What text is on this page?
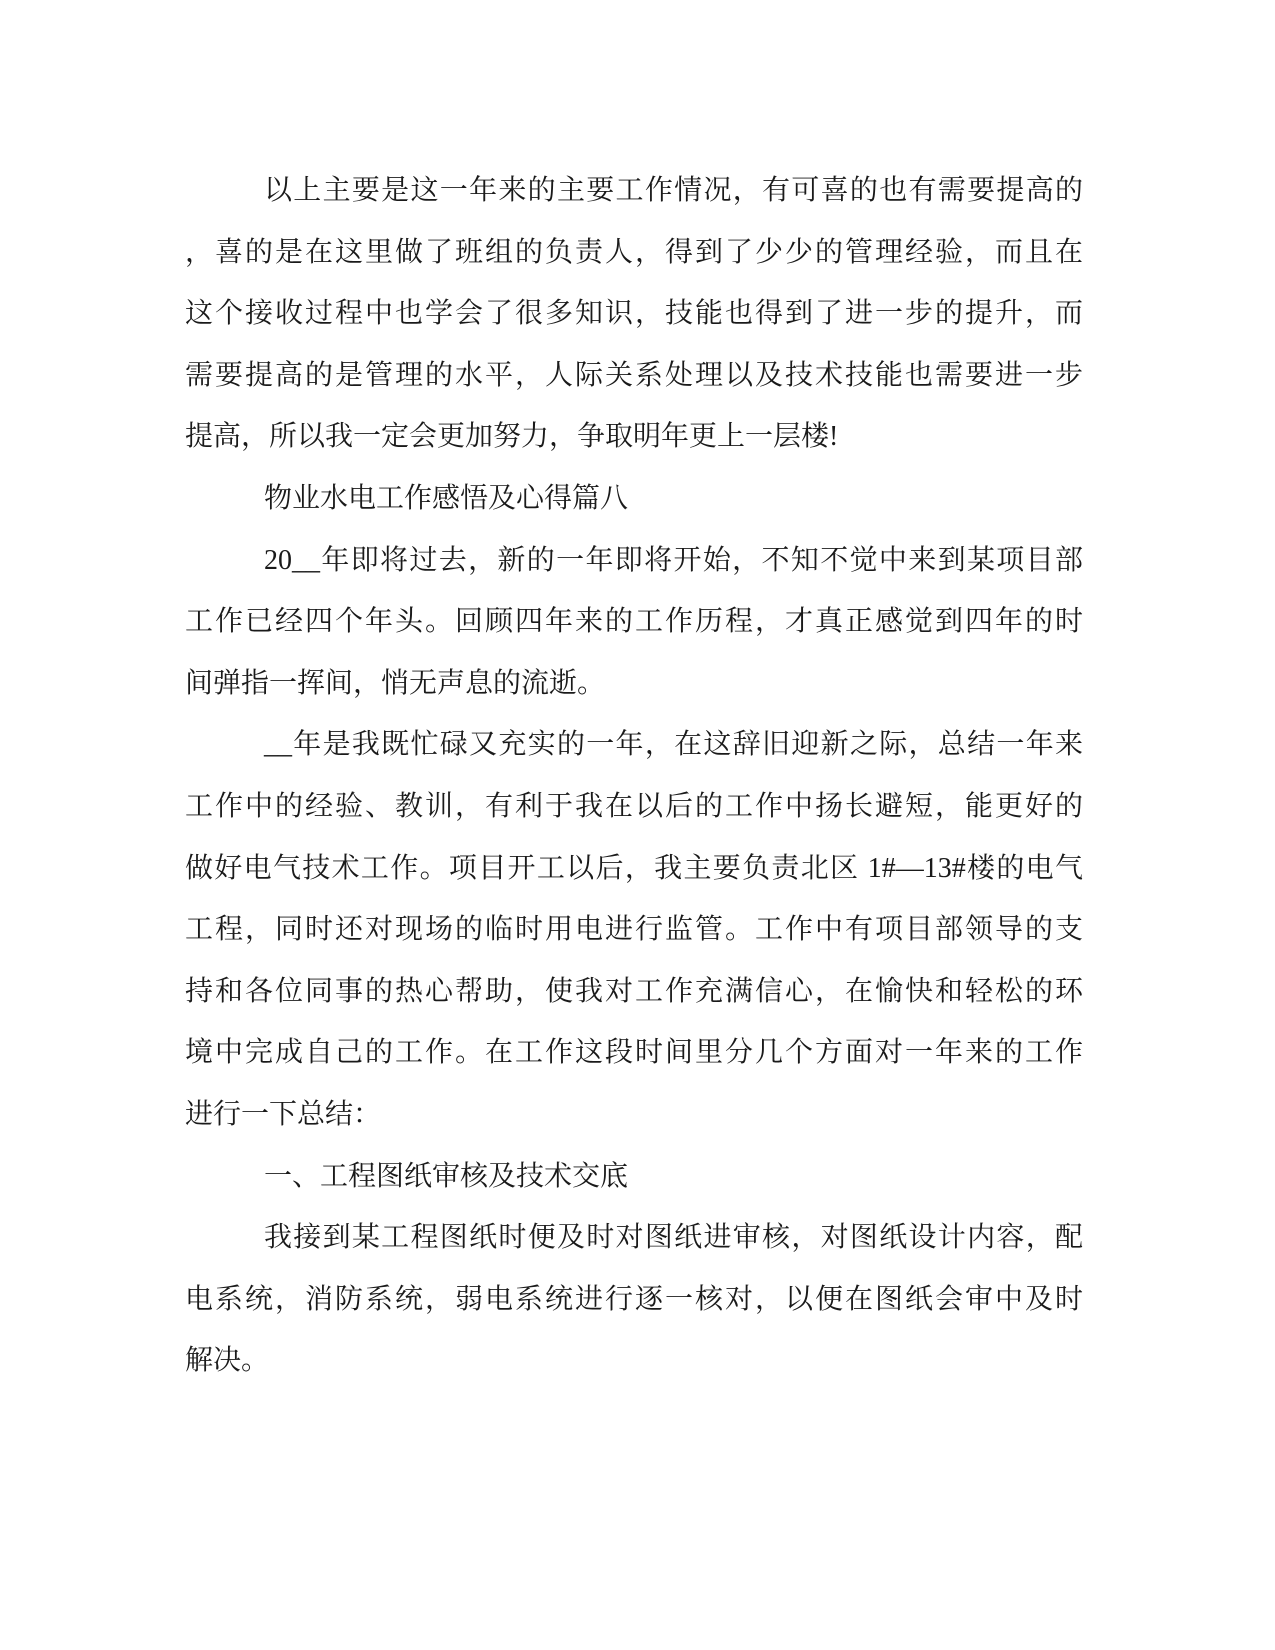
以上主要是这一年来的主要工作情况，有可喜的也有需要提高的
，喜的是在这里做了班组的负责人，得到了少少的管理经验，而且在
这个接收过程中也学会了很多知识，技能也得到了进一步的提升，而
需要提高的是管理的水平，人际关系处理以及技术技能也需要进一步
提高，所以我一定会更加努力，争取明年更上一层楼!
物业水电工作感悟及心得篇八
20__年即将过去，新的一年即将开始，不知不觉中来到某项目部
工作已经四个年头。回顾四年来的工作历程，才真正感觉到四年的时
间弹指一挥间，悄无声息的流逝。
__年是我既忙碌又充实的一年，在这辞旧迎新之际，总结一年来
工作中的经验、教训，有利于我在以后的工作中扬长避短，能更好的
做好电气技术工作。项目开工以后，我主要负责北区 1#—13#楼的电气
工程，同时还对现场的临时用电进行监管。工作中有项目部领导的支
持和各位同事的热心帮助，使我对工作充满信心，在愉快和轻松的环
境中完成自己的工作。在工作这段时间里分几个方面对一年来的工作
进行一下总结：
一、工程图纸审核及技术交底
我接到某工程图纸时便及时对图纸进审核，对图纸设计内容，配
电系统，消防系统，弱电系统进行逐一核对，以便在图纸会审中及时
解决。
